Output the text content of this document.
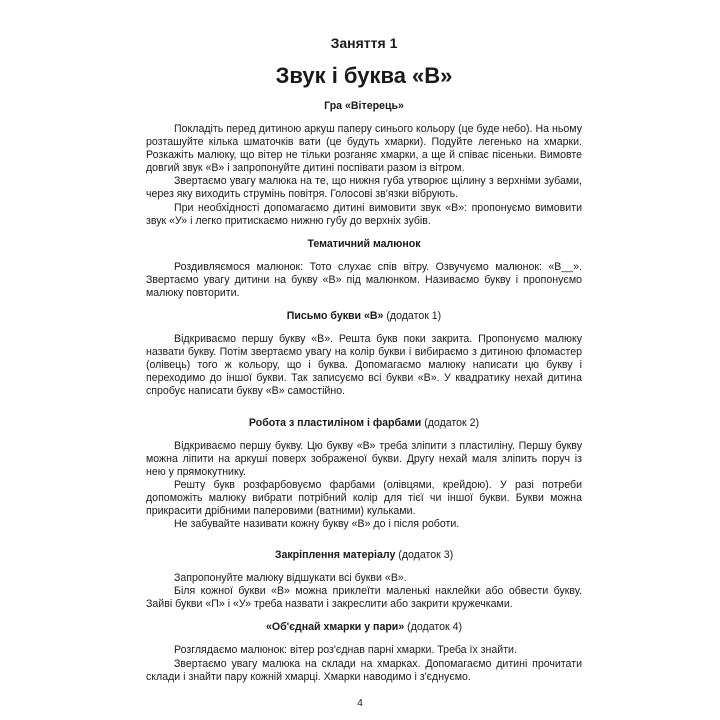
Заняття 1
Звук і буква «В»
Гра «Вітерець»

Покладіть перед дитиною аркуш паперу синього кольору (це буде небо). На ньому розташуйте кілька шматочків вати (це будуть хмарки). Подуйте легенько на хмарки. Розкажіть малюку, що вітер не тільки розганяє хмарки, а ще й співає пісеньки. Вимовте довгий звук «В» і запропонуйте дитині поспівати разом із вітром.

Звертаємо увагу малюка на те, що нижня губа утворює щілину з верхніми зубами, через яку виходить струмінь повітря. Голосові зв'язки вібрують.

При необхідності допомагаємо дитині вимовити звук «В»: пропонуємо вимовити звук «У» і легко притискаємо нижню губу до верхніх зубів.

Тематичний малюнок

Роздивляємося малюнок: Тото слухає спів вітру. Озвучуємо малюнок: «В__». Звертаємо увагу дитини на букву «В» під малюнком. Називаємо букву і пропонуємо малюку повторити.

Письмо букви «В» (додаток 1)

Відкриваємо першу букву «В». Решта букв поки закрита. Пропонуємо малюку назвати букву. Потім звертаємо увагу на колір букви і вибираємо з дитиною фломастер (олівець) того ж кольору, що і буква. Допомагаємо малюку написати цю букву і переходимо до іншої букви. Так записуємо всі букви «В». У квадратику нехай дитина спробує написати букву «В» самостійно.

Робота з пластиліном і фарбами (додаток 2)

Відкриваємо першу букву. Цю букву «В» треба зліпити з пластиліну. Першу букву можна ліпити на аркуші поверх зображеної букви. Другу нехай маля зліпить поруч із нею у прямокутнику.

Решту букв розфарбовуємо фарбами (олівцями, крейдою). У разі потреби допоможіть малюку вибрати потрібний колір для тієї чи іншої букви. Букви можна прикрасити дрібними паперовими (ватними) кульками.

Не забувайте називати кожну букву «В» до і після роботи.

Закріплення матеріалу (додаток 3)

Запропонуйте малюку відшукати всі букви «В».

Біля кожної букви «В» можна приклеїти маленькі наклейки або обвести букву. Зайві букви «П» і «У» треба назвати і закреслити або закрити кружечками.

«Об'єднай хмарки у пари» (додаток 4)

Розглядаємо малюнок: вітер роз'єднав парні хмарки. Треба їх знайти.

Звертаємо увагу малюка на склади на хмарках. Допомагаємо дитині прочитати склади і знайти пару кожній хмарці. Хмарки наводимо і з'єднуємо.

4
